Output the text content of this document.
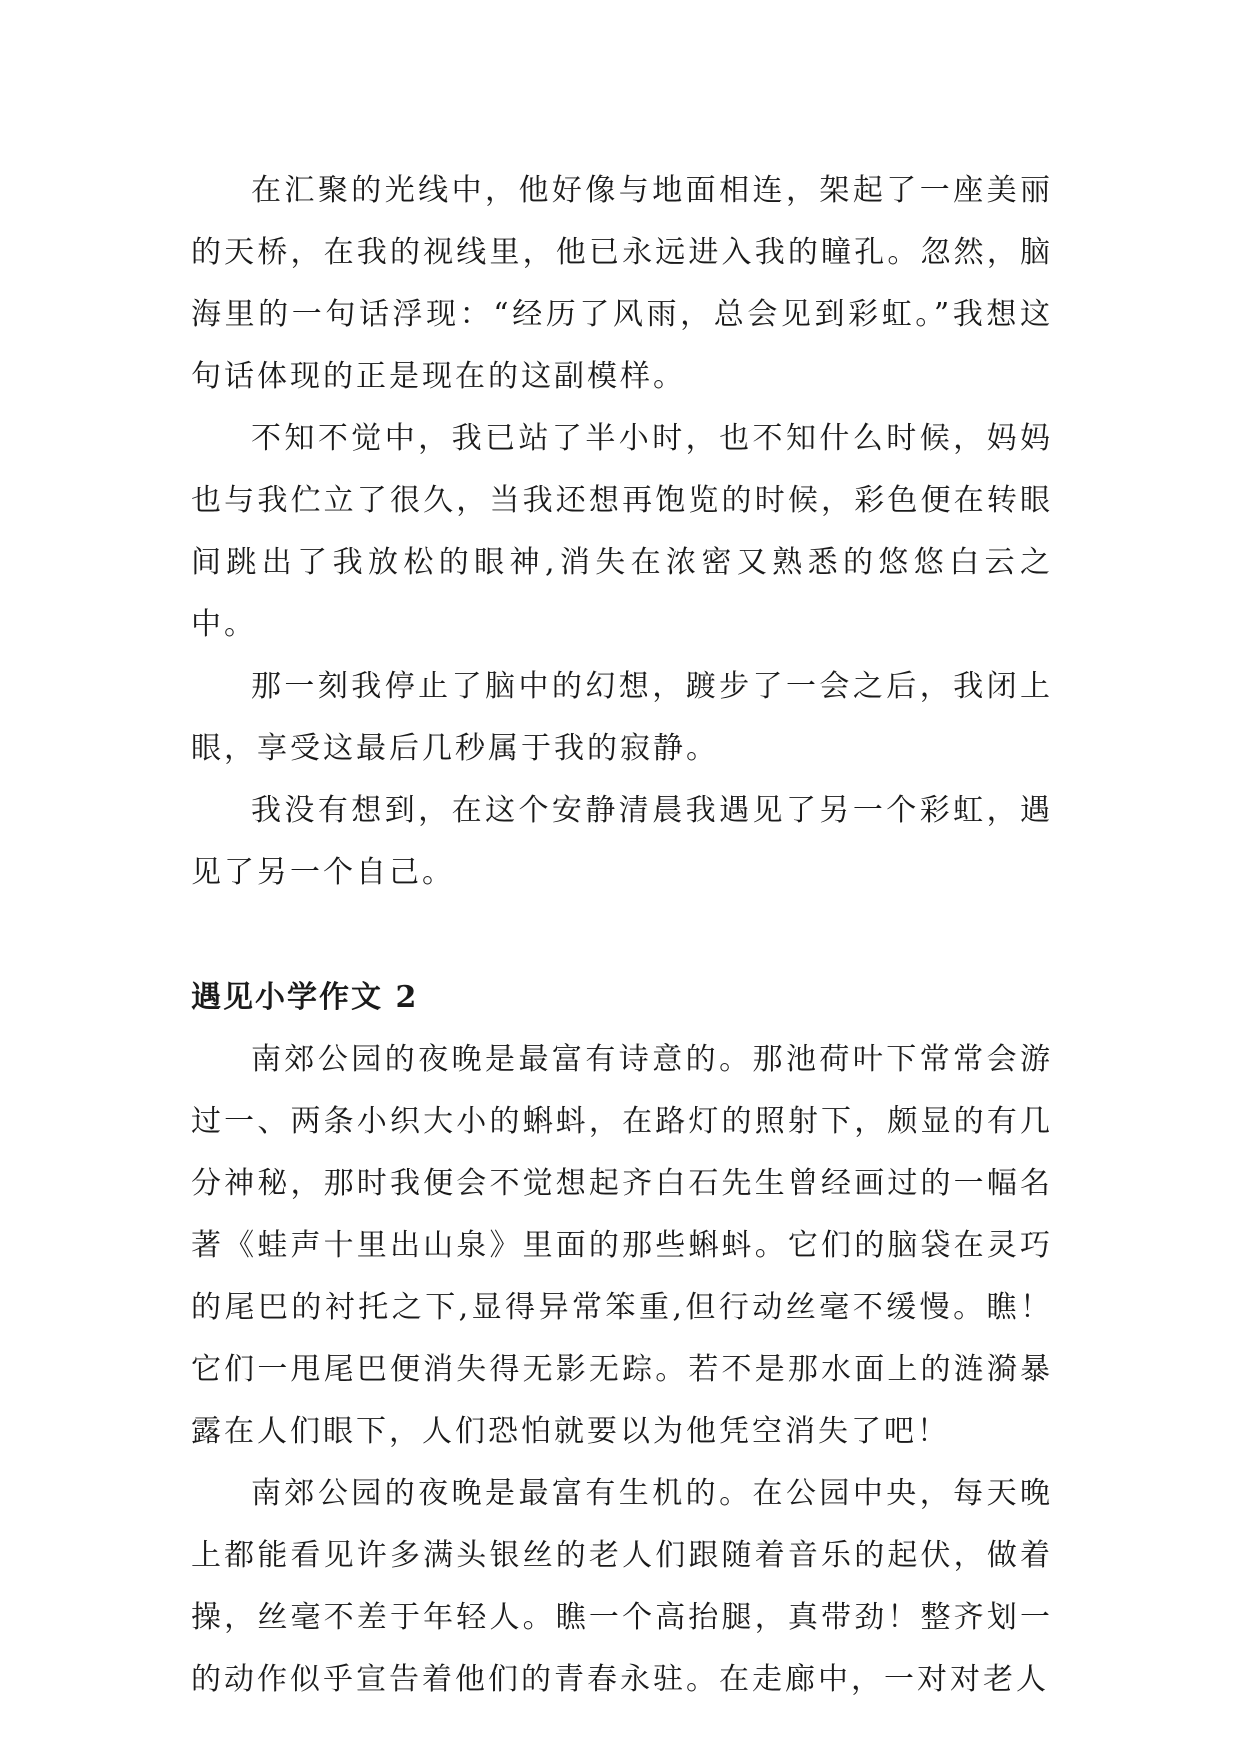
在汇聚的光线中，他好像与地面相连，架起了一座美丽的天桥，在我的视线里，他已永远进入我的瞳孔。忽然，脑海里的一句话浮现：“经历了风雨，总会见到彩虹。”我想这句话体现的正是现在的这副模样。

不知不觉中，我已站了半小时，也不知什么时候，妈妈也与我伫立了很久，当我还想再饱览的时候，彩色便在转眼间跳出了我放松的眼神,消失在浓密又熟悉的悠悠白云之中。

那一刻我停止了脑中的幻想，踱步了一会之后，我闭上眼，享受这最后几秒属于我的寂静。

我没有想到，在这个安静清晨我遇见了另一个彩虹，遇见了另一个自己。

遇见小学作文 2

南郊公园的夜晚是最富有诗意的。那池荷叶下常常会游过一、两条小织大小的蝌蚪，在路灯的照射下，颇显的有几分神秘，那时我便会不觉想起齐白石先生曾经画过的一幅名著《蛙声十里出山泉》里面的那些蝌蚪。它们的脑袋在灵巧的尾巴的衬托之下,显得异常笨重,但行动丝毫不缓慢。瞧！它们一甩尾巴便消失得无影无踪。若不是那水面上的涟漪暴露在人们眼下，人们恐怕就要以为他凭空消失了吧！

南郊公园的夜晚是最富有生机的。在公园中央，每天晚上都能看见许多满头银丝的老人们跟随着音乐的起伏，做着操，丝毫不差于年轻人。瞧一个高抬腿，真带劲！整齐划一的动作似乎宣告着他们的青春永驻。在走廊中，一对对老人
